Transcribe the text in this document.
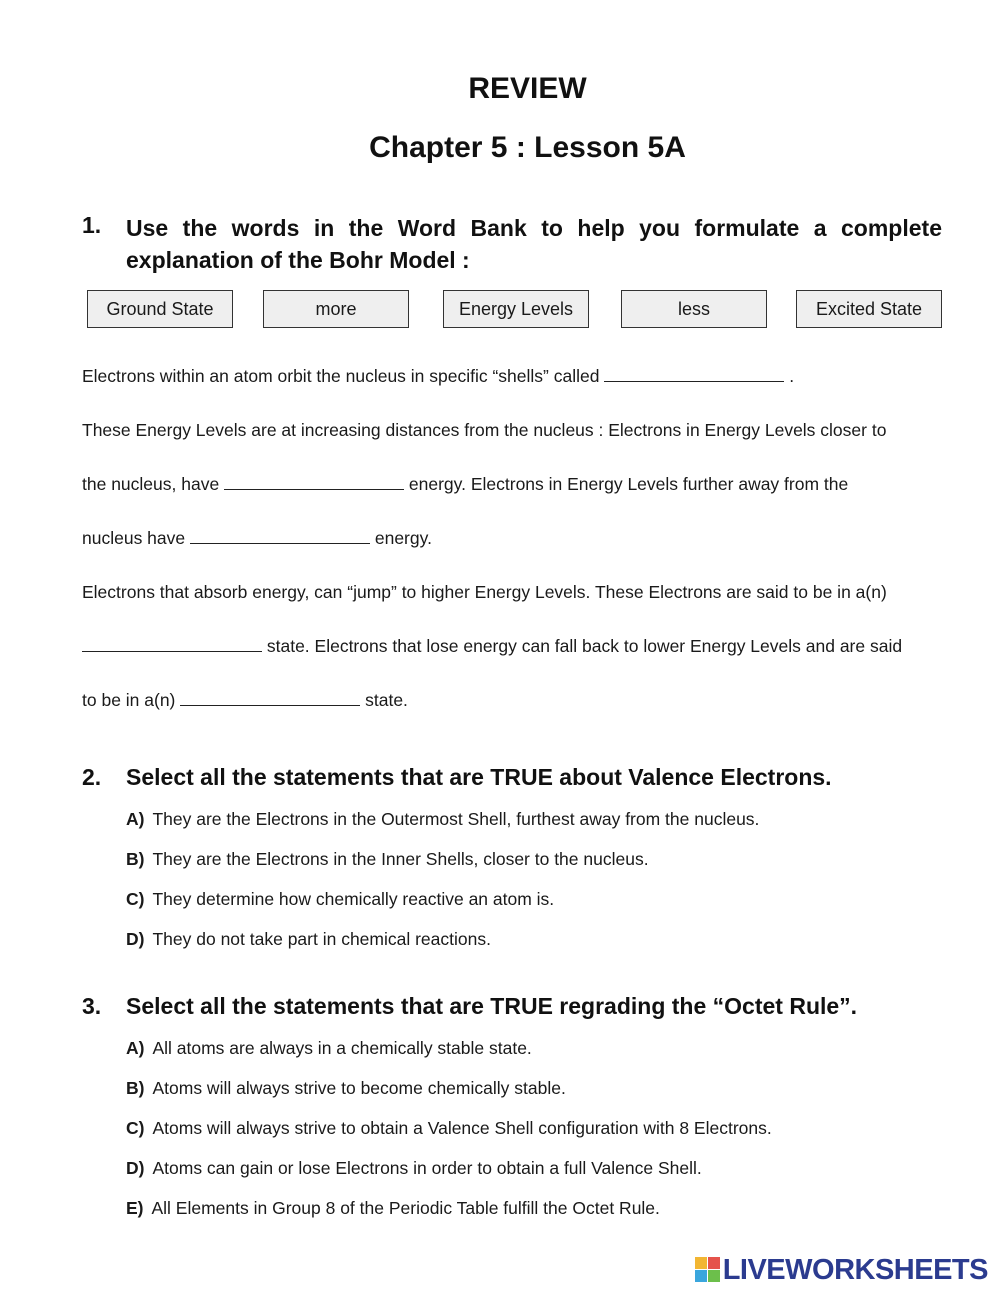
REVIEW
Chapter 5 : Lesson 5A
1. Use the words in the Word Bank to help you formulate a complete explanation of the Bohr Model :
Ground State	more	Energy Levels	less	Excited State
Electrons within an atom orbit the nucleus in specific “shells” called	.
These Energy Levels are at increasing distances from the nucleus : Electrons in Energy Levels closer to
the nucleus, have	energy. Electrons in Energy Levels further away from the
nucleus have	energy.
Electrons that absorb energy, can “jump” to higher Energy Levels. These Electrons are said to be in a(n)
state. Electrons that lose energy can fall back to lower Energy Levels and are said
to be in a(n)	state.
2. Select all the statements that are TRUE about Valence Electrons.
A) They are the Electrons in the Outermost Shell, furthest away from the nucleus.
B) They are the Electrons in the Inner Shells, closer to the nucleus.
C) They determine how chemically reactive an atom is.
D) They do not take part in chemical reactions.
3. Select all the statements that are TRUE regrading the “Octet Rule”.
A) All atoms are always in a chemically stable state.
B) Atoms will always strive to become chemically stable.
C) Atoms will always strive to obtain a Valence Shell configuration with 8 Electrons.
D) Atoms can gain or lose Electrons in order to obtain a full Valence Shell.
E) All Elements in Group 8 of the Periodic Table fulfill the Octet Rule.
LIVEWORKSHEETS
